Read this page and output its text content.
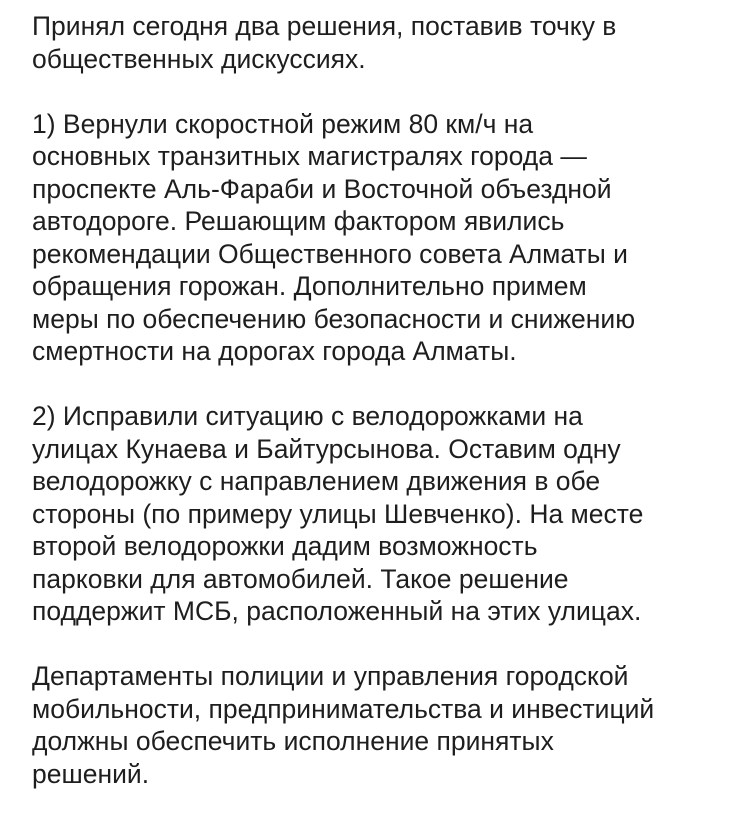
Принял сегодня два решения, поставив точку в
общественных дискуссиях.

1) Вернули скоростной режим 80 км/ч на
основных транзитных магистралях города —
проспекте Аль-Фараби и Восточной объездной
автодороге. Решающим фактором явились
рекомендации Общественного совета Алматы и
обращения горожан. Дополнительно примем
меры по обеспечению безопасности и снижению
смертности на дорогах города Алматы.

2) Исправили ситуацию с велодорожками на
улицах Кунаева и Байтурсынова. Оставим одну
велодорожку с направлением движения в обе
стороны (по примеру улицы Шевченко). На месте
второй велодорожки дадим возможность
парковки для автомобилей. Такое решение
поддержит МСБ, расположенный на этих улицах.

Департаменты полиции и управления городской
мобильности, предпринимательства и инвестиций
должны обеспечить исполнение принятых
решений.
